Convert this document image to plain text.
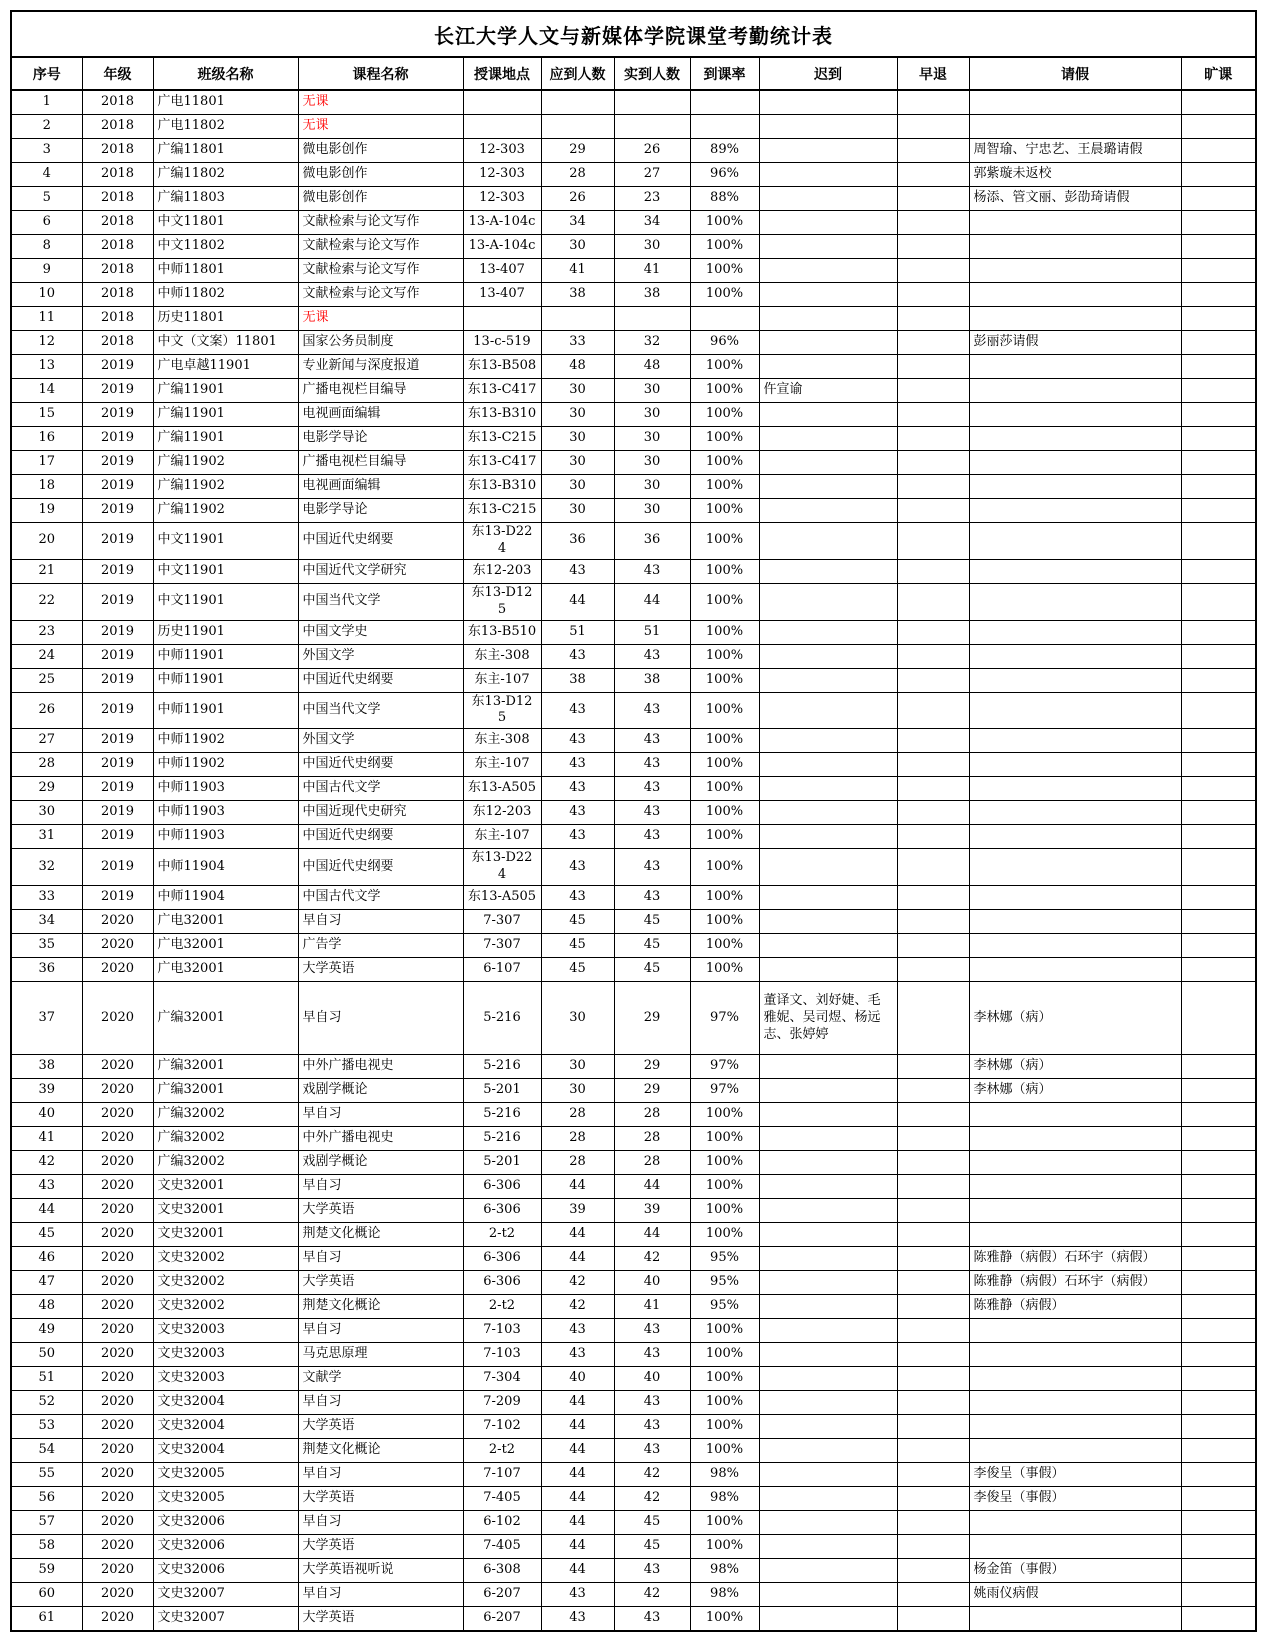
长江大学人文与新媒体学院课堂考勤统计表											
序号	年级	班级名称	课程名称	授课地点	应到人数	实到人数	到课率	迟到	早退	请假	旷课
1	2018	广电11801	无课								
2	2018	广电11802	无课								
3	2018	广编11801	微电影创作	12-303	29	26	89%			周智瑜、宁忠艺、王晨璐请假	
4	2018	广编11802	微电影创作	12-303	28	27	96%			郭紫璇未返校	
5	2018	广编11803	微电影创作	12-303	26	23	88%			杨添、管文丽、彭劭琦请假	
6	2018	中文11801	文献检索与论文写作	13-A-104c	34	34	100%				
8	2018	中文11802	文献检索与论文写作	13-A-104c	30	30	100%				
9	2018	中师11801	文献检索与论文写作	13-407	41	41	100%				
10	2018	中师11802	文献检索与论文写作	13-407	38	38	100%				
11	2018	历史11801	无课								
12	2018	中文（文案）11801	国家公务员制度	13-c-519	33	32	96%			彭丽莎请假	
13	2019	广电卓越11901	专业新闻与深度报道	东13-B508	48	48	100%				
14	2019	广编11901	广播电视栏目编导	东13-C417	30	30	100%	仵宣谕			
15	2019	广编11901	电视画面编辑	东13-B310	30	30	100%				
16	2019	广编11901	电影学导论	东13-C215	30	30	100%				
17	2019	广编11902	广播电视栏目编导	东13-C417	30	30	100%				
18	2019	广编11902	电视画面编辑	东13-B310	30	30	100%				
19	2019	广编11902	电影学导论	东13-C215	30	30	100%				
20	2019	中文11901	中国近代史纲要	东13-D224	36	36	100%				
21	2019	中文11901	中国近代文学研究	东12-203	43	43	100%				
22	2019	中文11901	中国当代文学	东13-D125	44	44	100%				
23	2019	历史11901	中国文学史	东13-B510	51	51	100%				
24	2019	中师11901	外国文学	东主-308	43	43	100%				
25	2019	中师11901	中国近代史纲要	东主-107	38	38	100%				
26	2019	中师11901	中国当代文学	东13-D125	43	43	100%				
27	2019	中师11902	外国文学	东主-308	43	43	100%				
28	2019	中师11902	中国近代史纲要	东主-107	43	43	100%				
29	2019	中师11903	中国古代文学	东13-A505	43	43	100%				
30	2019	中师11903	中国近现代史研究	东12-203	43	43	100%				
31	2019	中师11903	中国近代史纲要	东主-107	43	43	100%				
32	2019	中师11904	中国近代史纲要	东13-D224	43	43	100%				
33	2019	中师11904	中国古代文学	东13-A505	43	43	100%				
34	2020	广电32001	早自习	7-307	45	45	100%				
35	2020	广电32001	广告学	7-307	45	45	100%				
36	2020	广电32001	大学英语	6-107	45	45	100%				
37	2020	广编32001	早自习	5-216	30	29	97%	董译文、刘妤婕、毛雅妮、吴司煜、杨远志、张婷婷		李林娜（病）	
38	2020	广编32001	中外广播电视史	5-216	30	29	97%			李林娜（病）	
39	2020	广编32001	戏剧学概论	5-201	30	29	97%			李林娜（病）	
40	2020	广编32002	早自习	5-216	28	28	100%				
41	2020	广编32002	中外广播电视史	5-216	28	28	100%				
42	2020	广编32002	戏剧学概论	5-201	28	28	100%				
43	2020	文史32001	早自习	6-306	44	44	100%				
44	2020	文史32001	大学英语	6-306	39	39	100%				
45	2020	文史32001	荆楚文化概论	2-t2	44	44	100%				
46	2020	文史32002	早自习	6-306	44	42	95%			陈雅静（病假）石环宇（病假）	
47	2020	文史32002	大学英语	6-306	42	40	95%			陈雅静（病假）石环宇（病假）	
48	2020	文史32002	荆楚文化概论	2-t2	42	41	95%			陈雅静（病假）	
49	2020	文史32003	早自习	7-103	43	43	100%				
50	2020	文史32003	马克思原理	7-103	43	43	100%				
51	2020	文史32003	文献学	7-304	40	40	100%				
52	2020	文史32004	早自习	7-209	44	43	100%				
53	2020	文史32004	大学英语	7-102	44	43	100%				
54	2020	文史32004	荆楚文化概论	2-t2	44	43	100%				
55	2020	文史32005	早自习	7-107	44	42	98%			李俊呈（事假）	
56	2020	文史32005	大学英语	7-405	44	42	98%			李俊呈（事假）	
57	2020	文史32006	早自习	6-102	44	45	100%				
58	2020	文史32006	大学英语	7-405	44	45	100%				
59	2020	文史32006	大学英语视听说	6-308	44	43	98%			杨金笛（事假）	
60	2020	文史32007	早自习	6-207	43	42	98%			姚雨仪病假	
61	2020	文史32007	大学英语	6-207	43	43	100%				
